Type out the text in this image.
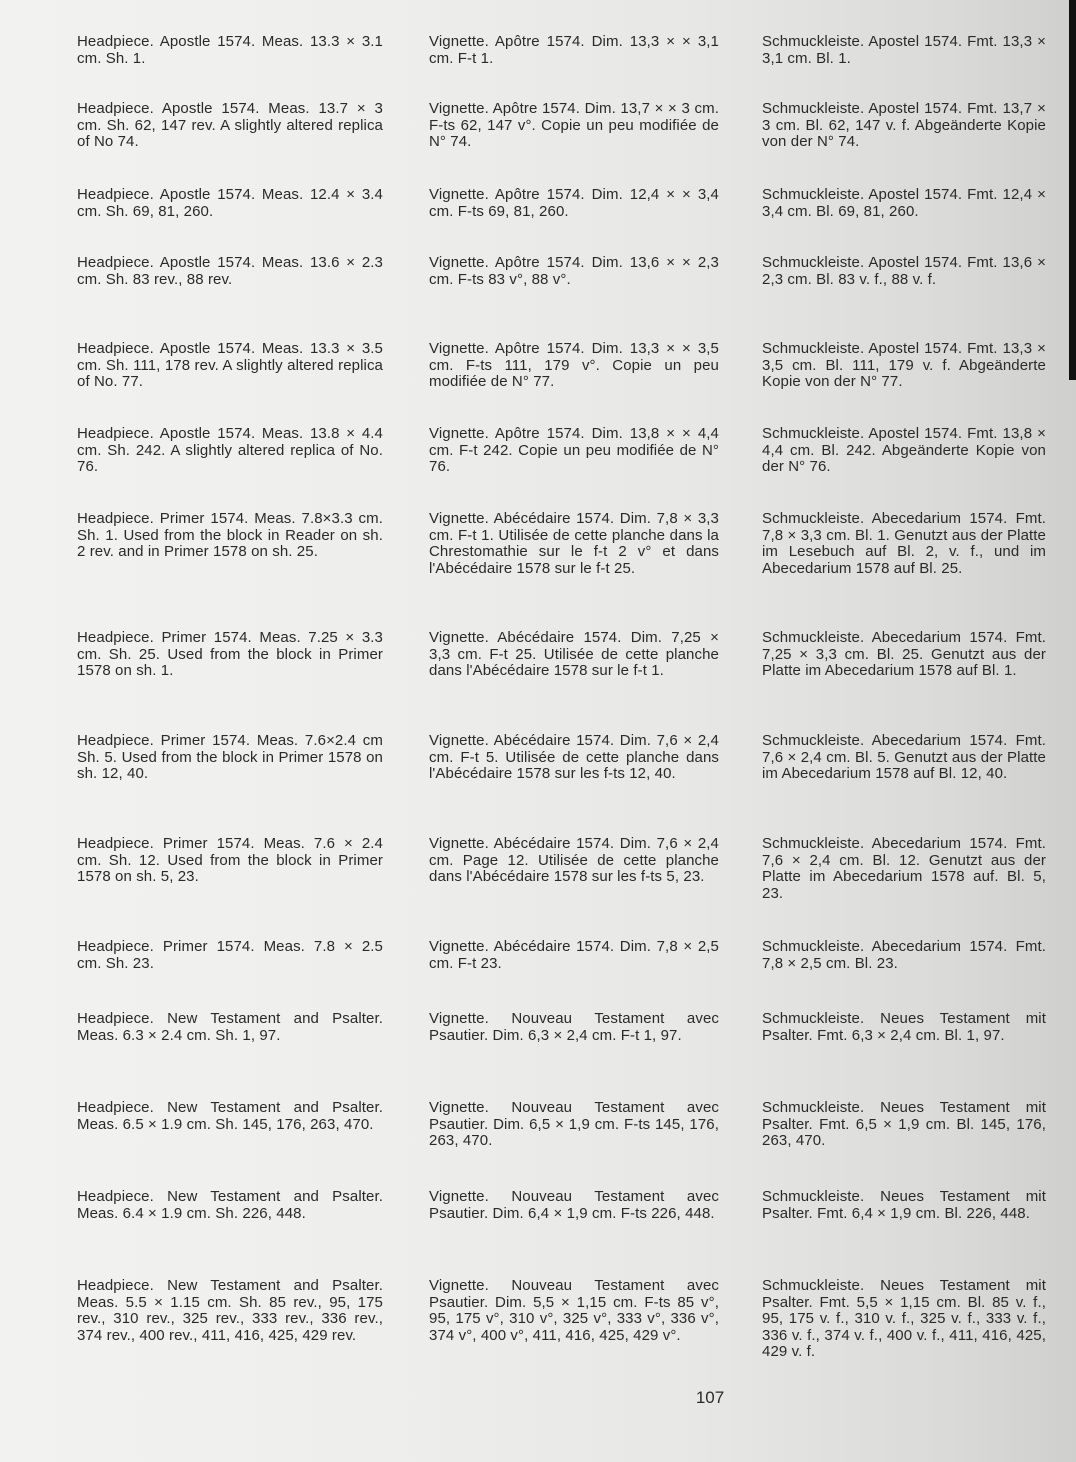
Headpiece. Apostle 1574. Meas. 13.3 × 3.1 cm. Sh. 1.
Vignette. Apôtre 1574. Dim. 13,3 × × 3,1 cm. F-t 1.
Schmuckleiste. Apostel 1574. Fmt. 13,3 × 3,1 cm. Bl. 1.
Headpiece. Apostle 1574. Meas. 13.7 × 3 cm. Sh. 62, 147 rev. A slightly altered replica of No 74.
Vignette. Apôtre 1574. Dim. 13,7 × × 3 cm. F-ts 62, 147 v°. Copie un peu modifiée de N° 74.
Schmuckleiste. Apostel 1574. Fmt. 13,7 × 3 cm. Bl. 62, 147 v. f. Abgeänderte Kopie von der N° 74.
Headpiece. Apostle 1574. Meas. 12.4 × 3.4 cm. Sh. 69, 81, 260.
Vignette. Apôtre 1574. Dim. 12,4 × × 3,4 cm. F-ts 69, 81, 260.
Schmuckleiste. Apostel 1574. Fmt. 12,4 × 3,4 cm. Bl. 69, 81, 260.
Headpiece. Apostle 1574. Meas. 13.6 × 2.3 cm. Sh. 83 rev., 88 rev.
Vignette. Apôtre 1574. Dim. 13,6 × × 2,3 cm. F-ts 83 v°, 88 v°.
Schmuckleiste. Apostel 1574. Fmt. 13,6 × 2,3 cm. Bl. 83 v. f., 88 v. f.
Headpiece. Apostle 1574. Meas. 13.3 × 3.5 cm. Sh. 111, 178 rev. A slightly altered replica of No. 77.
Vignette. Apôtre 1574. Dim. 13,3 × × 3,5 cm. F-ts 111, 179 v°. Copie un peu modifiée de N° 77.
Schmuckleiste. Apostel 1574. Fmt. 13,3 × 3,5 cm. Bl. 111, 179 v. f. Abgeänderte Kopie von der N° 77.
Headpiece. Apostle 1574. Meas. 13.8 × 4.4 cm. Sh. 242. A slightly altered replica of No. 76.
Vignette. Apôtre 1574. Dim. 13,8 × × 4,4 cm. F-t 242. Copie un peu modifiée de N° 76.
Schmuckleiste. Apostel 1574. Fmt. 13,8 × 4,4 cm. Bl. 242. Abgeänderte Kopie von der N° 76.
Headpiece. Primer 1574. Meas. 7.8×3.3 cm. Sh. 1. Used from the block in Reader on sh. 2 rev. and in Primer 1578 on sh. 25.
Vignette. Abécédaire 1574. Dim. 7,8 × 3,3 cm. F-t 1. Utilisée de cette planche dans la Chrestomathie sur le f-t 2 v° et dans l'Abécédaire 1578 sur le f-t 25.
Schmuckleiste. Abecedarium 1574. Fmt. 7,8 × 3,3 cm. Bl. 1. Genutzt aus der Platte im Lesebuch auf Bl. 2, v. f., und im Abecedarium 1578 auf Bl. 25.
Headpiece. Primer 1574. Meas. 7.25 × 3.3 cm. Sh. 25. Used from the block in Primer 1578 on sh. 1.
Vignette. Abécédaire 1574. Dim. 7,25 × 3,3 cm. F-t 25. Utilisée de cette planche dans l'Abécédaire 1578 sur le f-t 1.
Schmuckleiste. Abecedarium 1574. Fmt. 7,25 × 3,3 cm. Bl. 25. Genutzt aus der Platte im Abecedarium 1578 auf Bl. 1.
Headpiece. Primer 1574. Meas. 7.6×2.4 cm Sh. 5. Used from the block in Primer 1578 on sh. 12, 40.
Vignette. Abécédaire 1574. Dim. 7,6 × 2,4 cm. F-t 5. Utilisée de cette planche dans l'Abécédaire 1578 sur les f-ts 12, 40.
Schmuckleiste. Abecedarium 1574. Fmt. 7,6 × 2,4 cm. Bl. 5. Genutzt aus der Platte im Abecedarium 1578 auf Bl. 12, 40.
Headpiece. Primer 1574. Meas. 7.6 × 2.4 cm. Sh. 12. Used from the block in Primer 1578 on sh. 5, 23.
Vignette. Abécédaire 1574. Dim. 7,6 × 2,4 cm. Page 12. Utilisée de cette planche dans l'Abécédaire 1578 sur les f-ts 5, 23.
Schmuckleiste. Abecedarium 1574. Fmt. 7,6 × 2,4 cm. Bl. 12. Genutzt aus der Platte im Abecedarium 1578 auf. Bl. 5, 23.
Headpiece. Primer 1574. Meas. 7.8 × 2.5 cm. Sh. 23.
Vignette. Abécédaire 1574. Dim. 7,8 × 2,5 cm. F-t 23.
Schmuckleiste. Abecedarium 1574. Fmt. 7,8 × 2,5 cm. Bl. 23.
Headpiece. New Testament and Psalter. Meas. 6.3 × 2.4 cm. Sh. 1, 97.
Vignette. Nouveau Testament avec Psautier. Dim. 6,3 × 2,4 cm. F-t 1, 97.
Schmuckleiste. Neues Testament mit Psalter. Fmt. 6,3 × 2,4 cm. Bl. 1, 97.
Headpiece. New Testament and Psalter. Meas. 6.5 × 1.9 cm. Sh. 145, 176, 263, 470.
Vignette. Nouveau Testament avec Psautier. Dim. 6,5 × 1,9 cm. F-ts 145, 176, 263, 470.
Schmuckleiste. Neues Testament mit Psalter. Fmt. 6,5 × 1,9 cm. Bl. 145, 176, 263, 470.
Headpiece. New Testament and Psalter. Meas. 6.4 × 1.9 cm. Sh. 226, 448.
Vignette. Nouveau Testament avec Psautier. Dim. 6,4 × 1,9 cm. F-ts 226, 448.
Schmuckleiste. Neues Testament mit Psalter. Fmt. 6,4 × 1,9 cm. Bl. 226, 448.
Headpiece. New Testament and Psalter. Meas. 5.5 × 1.15 cm. Sh. 85 rev., 95, 175 rev., 310 rev., 325 rev., 333 rev., 336 rev., 374 rev., 400 rev., 411, 416, 425, 429 rev.
Vignette. Nouveau Testament avec Psautier. Dim. 5,5 × 1,15 cm. F-ts 85 v°, 95, 175 v°, 310 v°, 325 v°, 333 v°, 336 v°, 374 v°, 400 v°, 411, 416, 425, 429 v°.
Schmuckleiste. Neues Testament mit Psalter. Fmt. 5,5 × 1,15 cm. Bl. 85 v. f., 95, 175 v. f., 310 v. f., 325 v. f., 333 v. f., 336 v. f., 374 v. f., 400 v. f., 411, 416, 425, 429 v. f.
107
